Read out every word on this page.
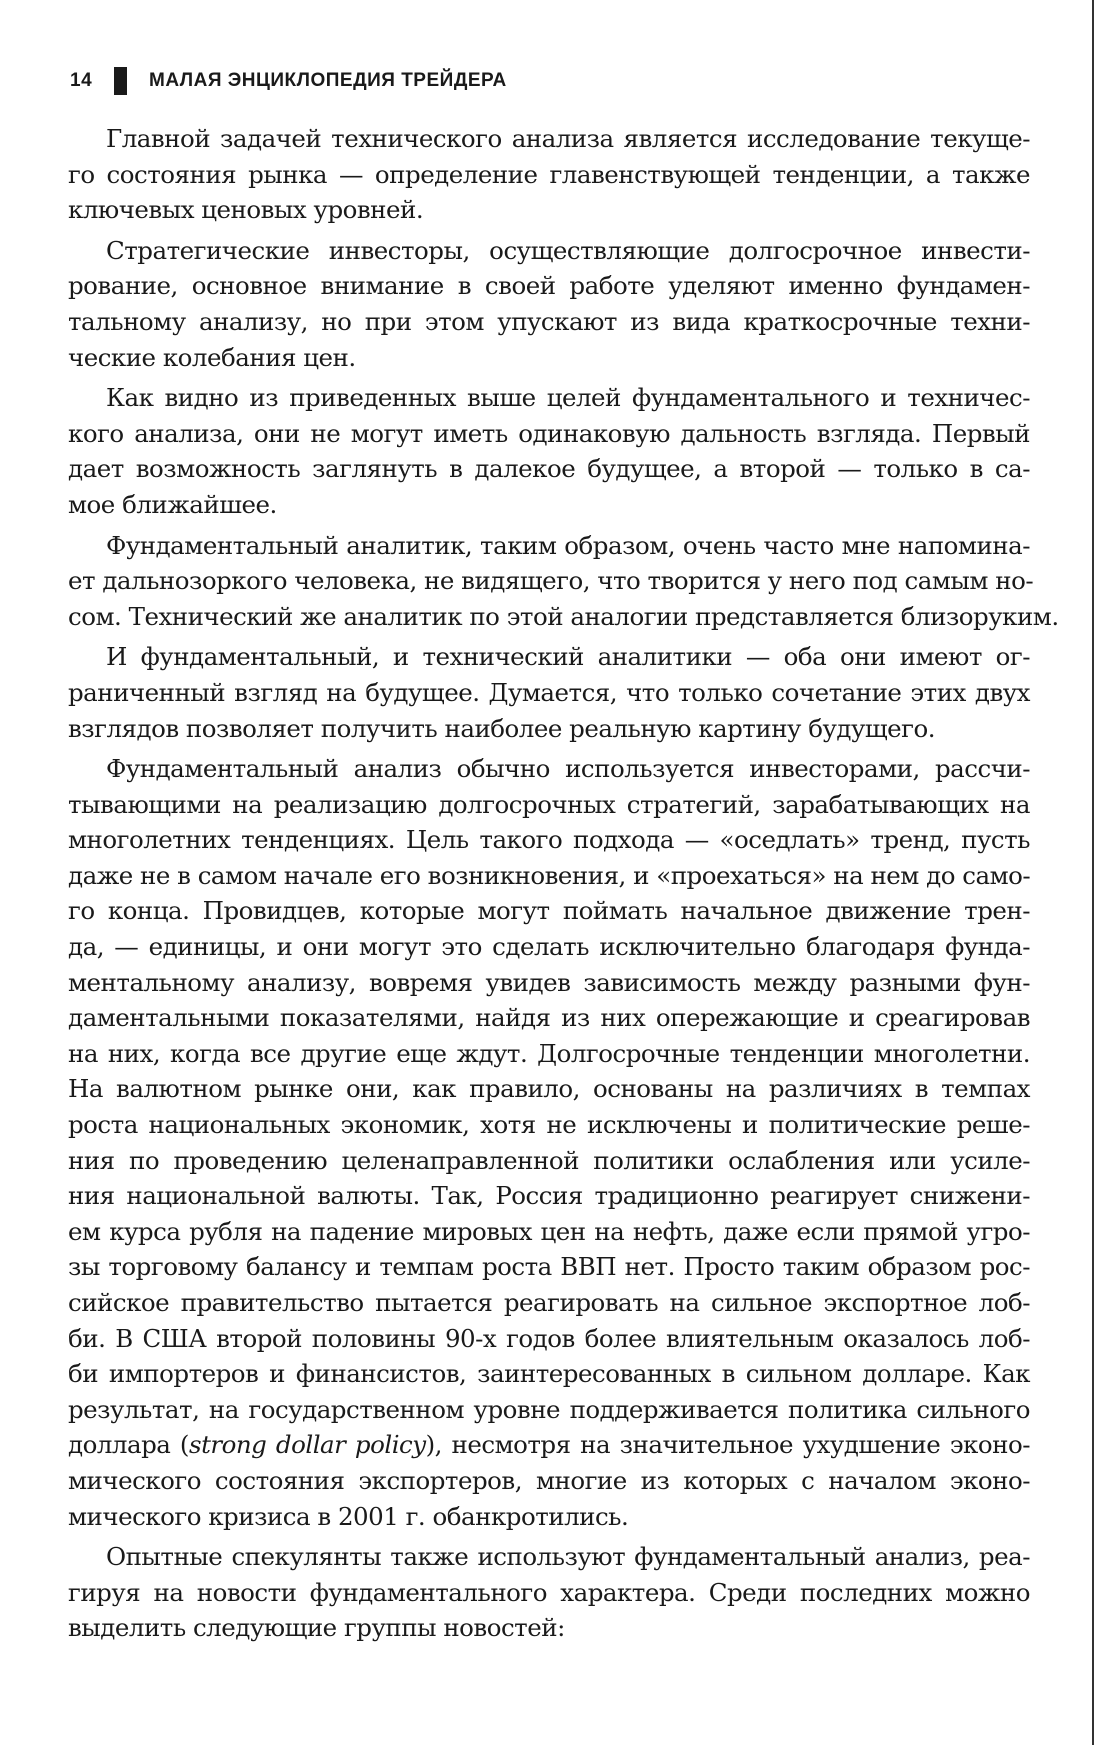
14	МАЛАЯ ЭНЦИКЛОПЕДИЯ ТРЕЙДЕРА
Главной задачей технического анализа является исследование текуще-
го состояния рынка — определение главенствующей тенденции, а также
ключевых ценовых уровней.
Стратегические инвесторы, осуществляющие долгосрочное инвести-
рование, основное внимание в своей работе уделяют именно фундамен-
тальному анализу, но при этом упускают из вида краткосрочные техни-
ческие колебания цен.
Как видно из приведенных выше целей фундаментального и техничес-
кого анализа, они не могут иметь одинаковую дальность взгляда. Первый
дает возможность заглянуть в далекое будущее, а второй — только в са-
мое ближайшее.
Фундаментальный аналитик, таким образом, очень часто мне напомина-
ет дальнозоркого человека, не видящего, что творится у него под самым но-
сом. Технический же аналитик по этой аналогии представляется близоруким.
И фундаментальный, и технический аналитики — оба они имеют ог-
раниченный взгляд на будущее. Думается, что только сочетание этих двух
взглядов позволяет получить наиболее реальную картину будущего.
Фундаментальный анализ обычно используется инвесторами, рассчи-
тывающими на реализацию долгосрочных стратегий, зарабатывающих на
многолетних тенденциях. Цель такого подхода — «оседлать» тренд, пусть
даже не в самом начале его возникновения, и «проехаться» на нем до само-
го конца. Провидцев, которые могут поймать начальное движение трен-
да, — единицы, и они могут это сделать исключительно благодаря фунда-
ментальному анализу, вовремя увидев зависимость между разными фун-
даментальными показателями, найдя из них опережающие и среагировав
на них, когда все другие еще ждут. Долгосрочные тенденции многолетни.
На валютном рынке они, как правило, основаны на различиях в темпах
роста национальных экономик, хотя не исключены и политические реше-
ния по проведению целенаправленной политики ослабления или усиле-
ния национальной валюты. Так, Россия традиционно реагирует снижени-
ем курса рубля на падение мировых цен на нефть, даже если прямой угро-
зы торговому балансу и темпам роста ВВП нет. Просто таким образом рос-
сийское правительство пытается реагировать на сильное экспортное лоб-
би. В США второй половины 90-х годов более влиятельным оказалось лоб-
би импортеров и финансистов, заинтересованных в сильном долларе. Как
результат, на государственном уровне поддерживается политика сильного
доллара (strong dollar policy), несмотря на значительное ухудшение эконо-
мического состояния экспортеров, многие из которых с началом эконо-
мического кризиса в 2001 г. обанкротились.
Опытные спекулянты также используют фундаментальный анализ, реа-
гируя на новости фундаментального характера. Среди последних можно
выделить следующие группы новостей:
